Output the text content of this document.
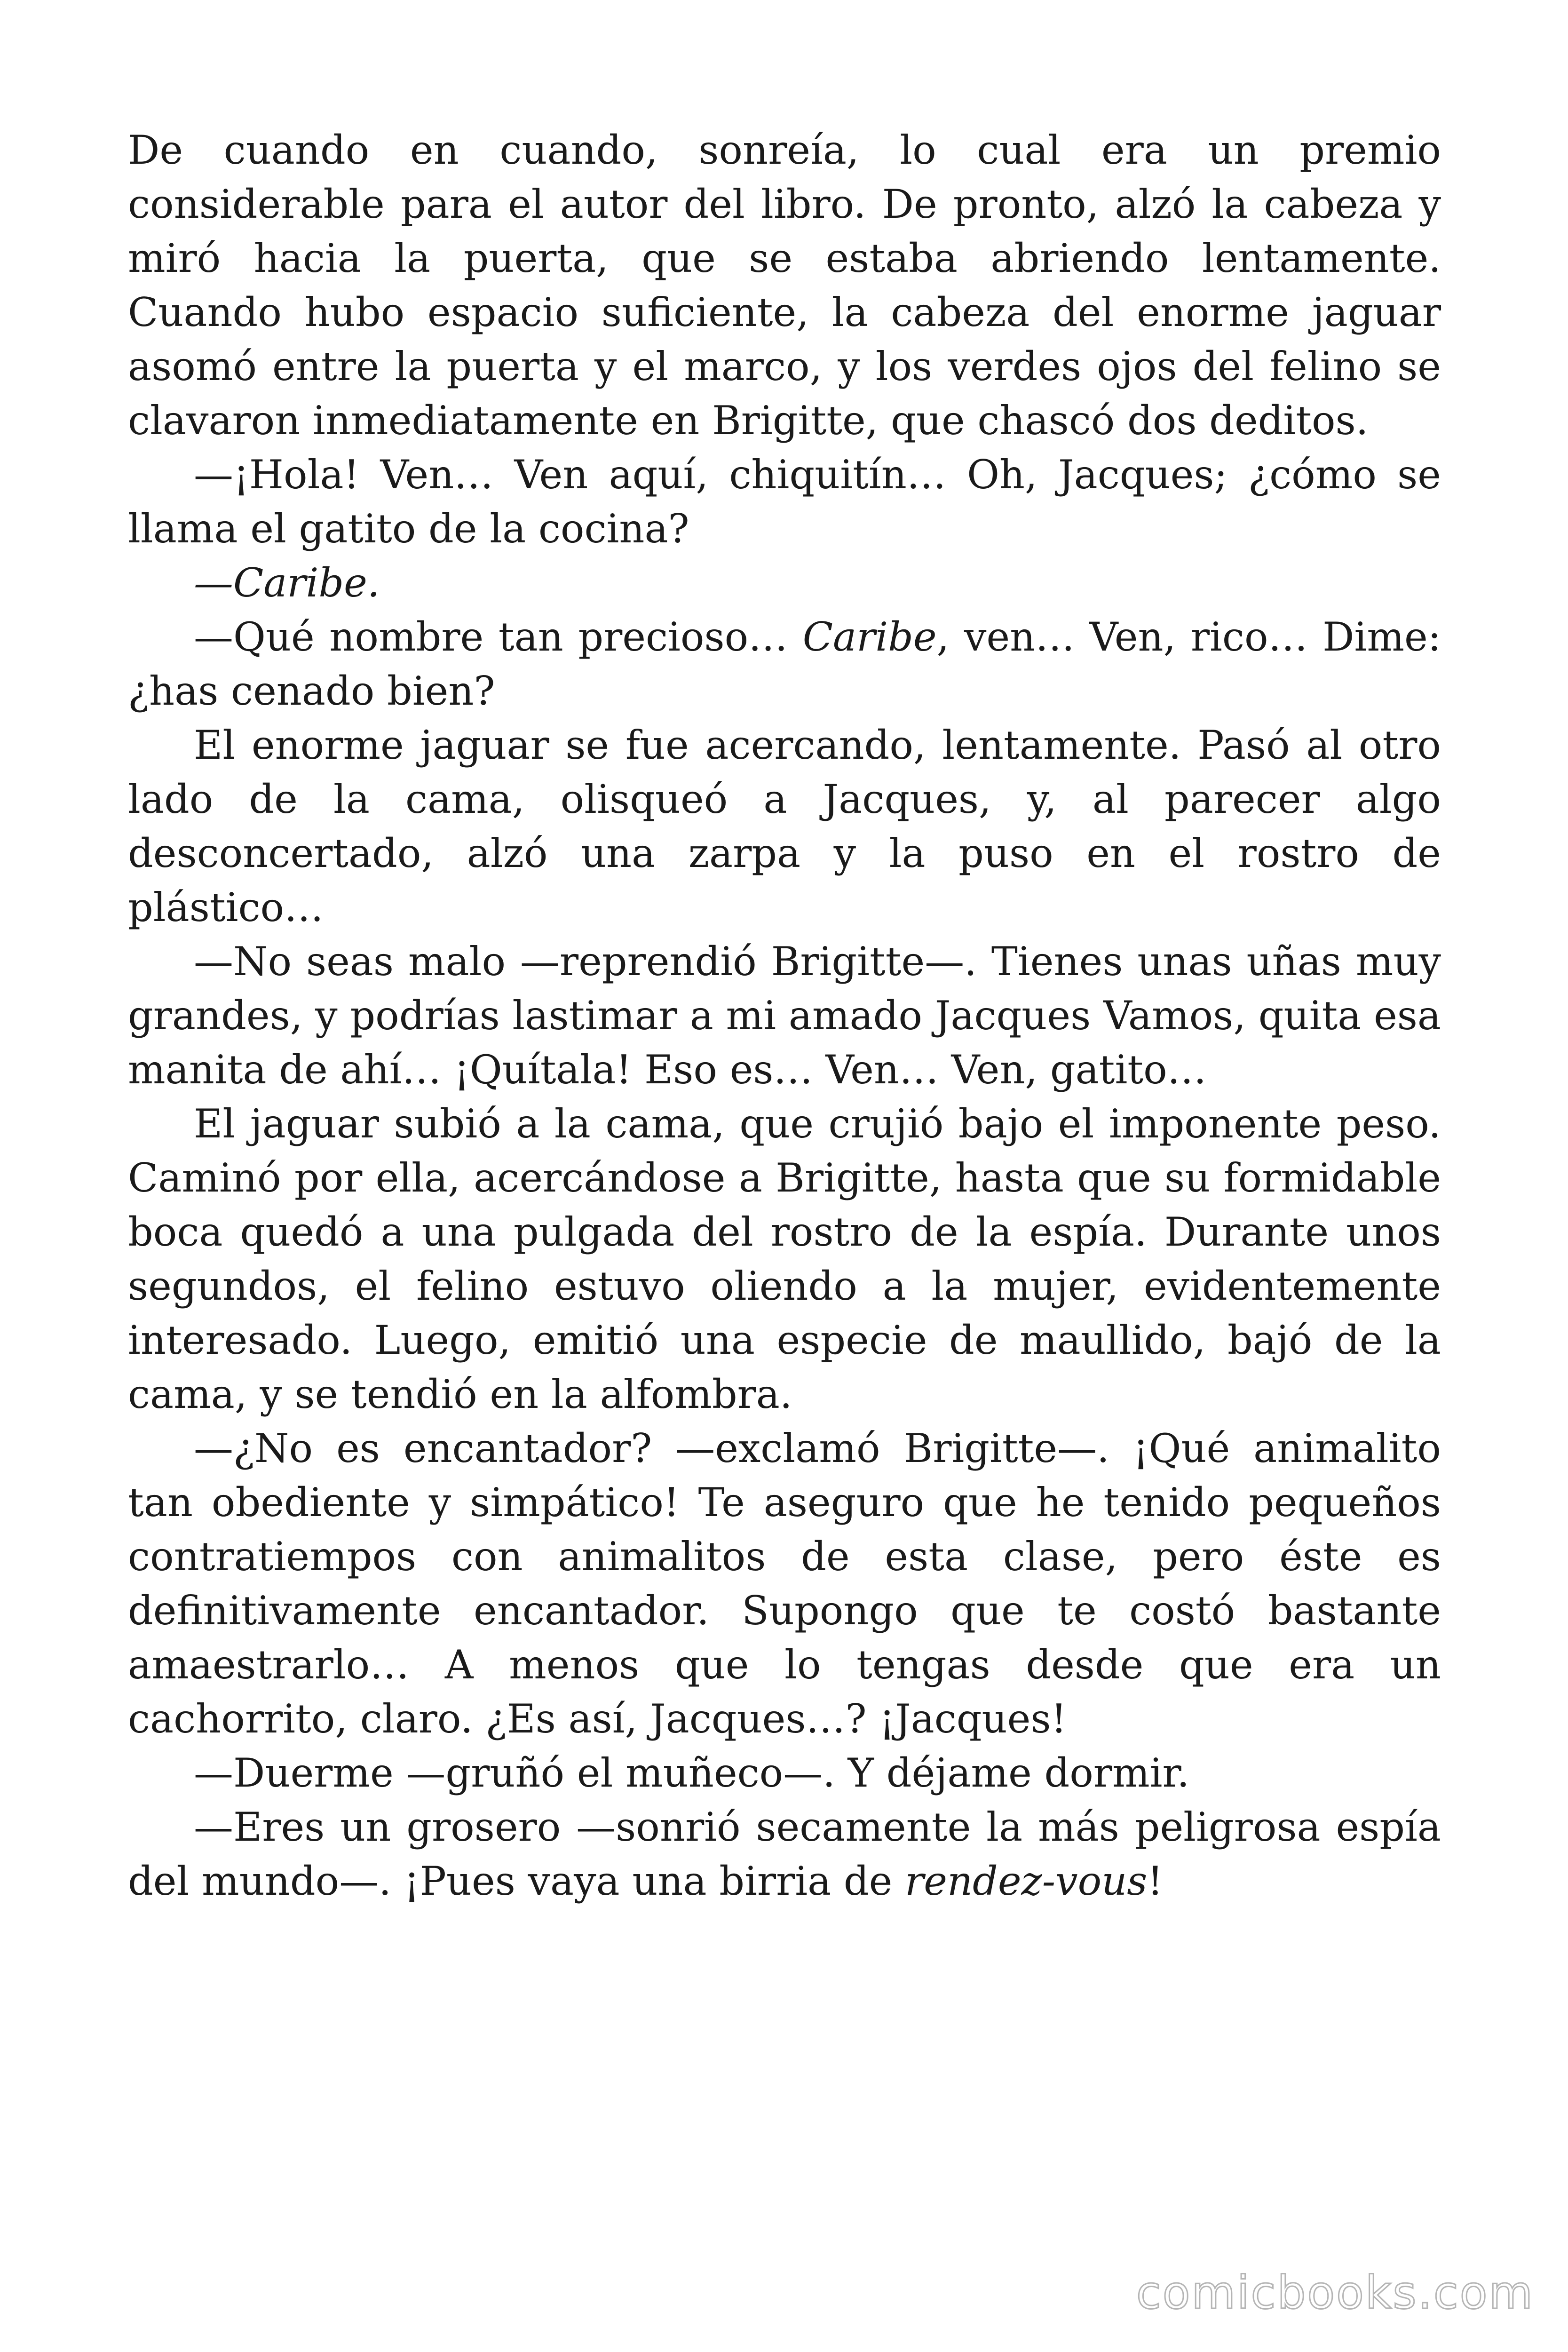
De cuando en cuando, sonreía, lo cual era un premio considerable para el autor del libro. De pronto, alzó la cabeza y miró hacia la puerta, que se estaba abriendo lentamente. Cuando hubo espacio suficiente, la cabeza del enorme jaguar asomó entre la puerta y el marco, y los verdes ojos del felino se clavaron inmediatamente en Brigitte, que chascó dos deditos.

—¡Hola! Ven… Ven aquí, chiquitín… Oh, Jacques; ¿cómo se llama el gatito de la cocina?

—Caribe.

—Qué nombre tan precioso… Caribe, ven… Ven, rico… Dime: ¿has cenado bien?

El enorme jaguar se fue acercando, lentamente. Pasó al otro lado de la cama, olisqueó a Jacques, y, al parecer algo desconcertado, alzó una zarpa y la puso en el rostro de plástico…

—No seas malo —reprendió Brigitte—. Tienes unas uñas muy grandes, y podrías lastimar a mi amado Jacques Vamos, quita esa manita de ahí… ¡Quítala! Eso es… Ven… Ven, gatito…

El jaguar subió a la cama, que crujió bajo el imponente peso. Caminó por ella, acercándose a Brigitte, hasta que su formidable boca quedó a una pulgada del rostro de la espía. Durante unos segundos, el felino estuvo oliendo a la mujer, evidentemente interesado. Luego, emitió una especie de maullido, bajó de la cama, y se tendió en la alfombra.

—¿No es encantador? —exclamó Brigitte—. ¡Qué animalito tan obediente y simpático! Te aseguro que he tenido pequeños contratiempos con animalitos de esta clase, pero éste es definitivamente encantador. Supongo que te costó bastante amaestrarlo… A menos que lo tengas desde que era un cachorrito, claro. ¿Es así, Jacques…? ¡Jacques!

—Duerme —gruñó el muñeco—. Y déjame dormir.

—Eres un grosero —sonrió secamente la más peligrosa espía del mundo—. ¡Pues vaya una birria de rendez-vous!

comicbooks.com
